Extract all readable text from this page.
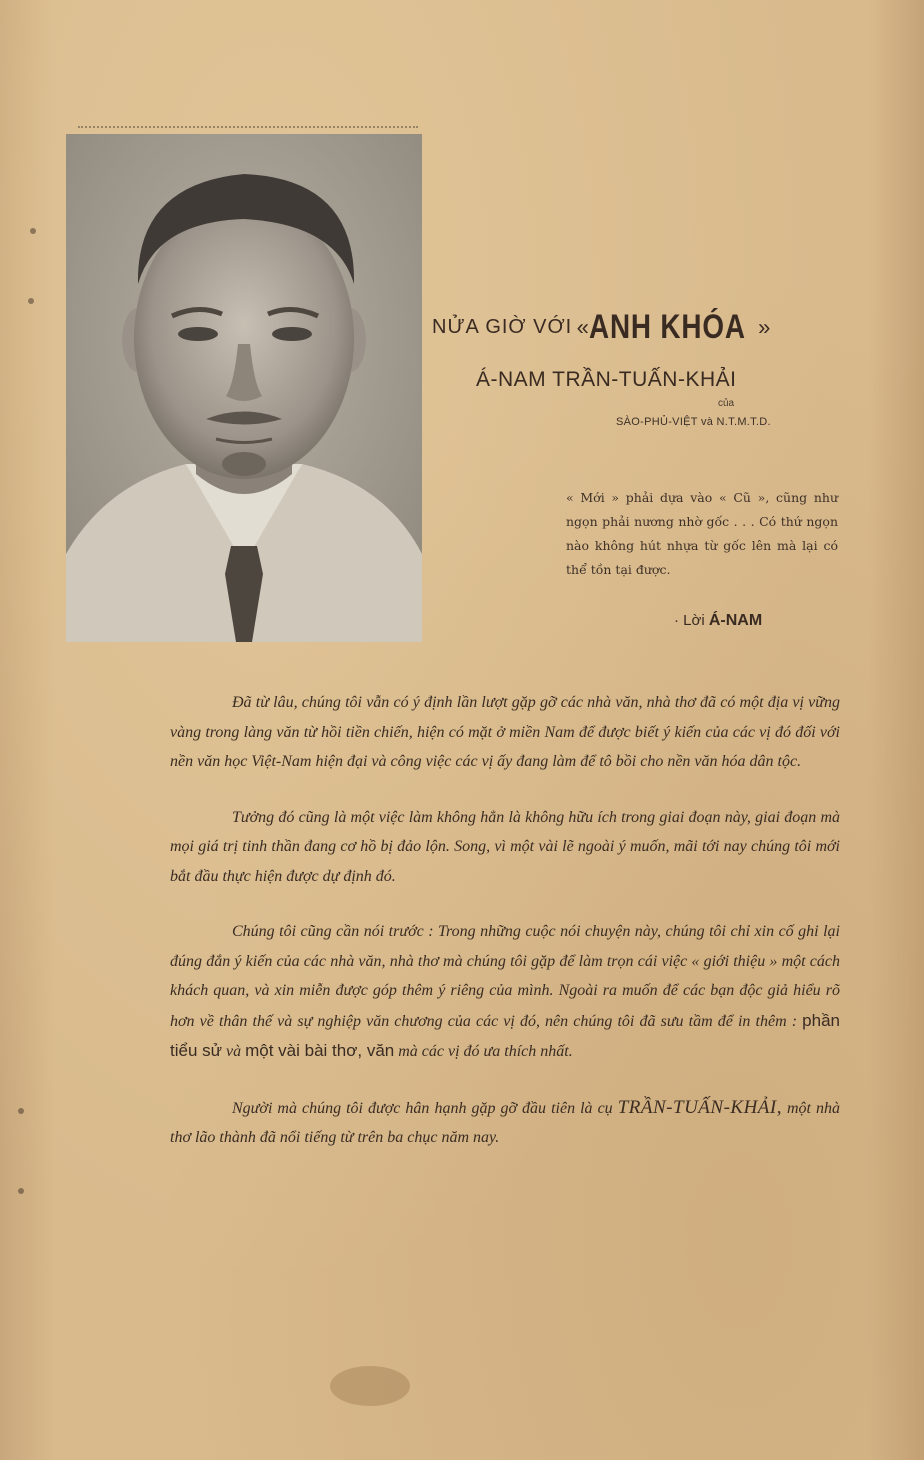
NỬA GIỜ VỚI «ANH KHÓA »
Á-NAM TRẦN-TUẤN-KHẢI
của
SÀO-PHỦ-VIỆT và N.T.M.T.D.

« Mới » phải dựa vào « Cũ », cũng như ngọn phải nương nhờ gốc . . . Có thứ ngọn nào không hút nhựa từ gốc lên mà lại có thể tồn tại được.

· Lời Á-NAM

Đã từ lâu, chúng tôi vẫn có ý định lần lượt gặp gỡ các nhà văn, nhà thơ đã có một địa vị vững vàng trong làng văn từ hồi tiền chiến, hiện có mặt ở miền Nam để được biết ý kiến của các vị đó đối với nền văn học Việt-Nam hiện đại và công việc các vị ấy đang làm để tô bồi cho nền văn hóa dân tộc.

Tưởng đó cũng là một việc làm không hẳn là không hữu ích trong giai đoạn này, giai đoạn mà mọi giá trị tinh thần đang cơ hồ bị đảo lộn. Song, vì một vài lẽ ngoài ý muốn, mãi tới nay chúng tôi mới bắt đầu thực hiện được dự định đó.

Chúng tôi cũng cần nói trước : Trong những cuộc nói chuyện này, chúng tôi chỉ xin cố ghi lại đúng đắn ý kiến của các nhà văn, nhà thơ mà chúng tôi gặp để làm trọn cái việc « giới thiệu » một cách khách quan, và xin miễn được góp thêm ý riêng của mình. Ngoài ra muốn để các bạn độc giả hiểu rõ hơn về thân thế và sự nghiệp văn chương của các vị đó, nên chúng tôi đã sưu tầm để in thêm : phần tiểu sử và một vài bài thơ, văn mà các vị đó ưa thích nhất.

Người mà chúng tôi được hân hạnh gặp gỡ đầu tiên là cụ TRẦN-TUẤN-KHẢI, một nhà thơ lão thành đã nổi tiếng từ trên ba chục năm nay.
